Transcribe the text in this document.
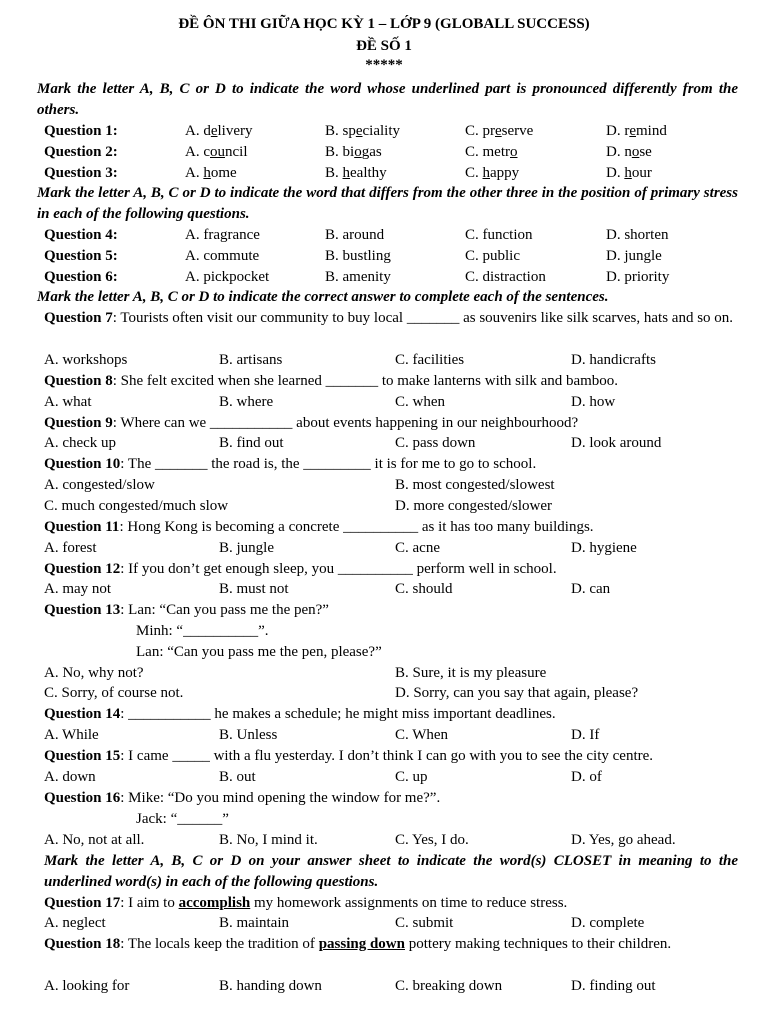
ĐỀ ÔN THI GIỮA HỌC KỲ 1 – LỚP 9 (GLOBALL SUCCESS)
ĐỀ SỐ 1
*****
Mark the letter A, B, C or D to indicate the word whose underlined part is pronounced differently from the others.
Question 1:	A. delivery	B. speciality	C. preserve	D. remind
Question 2:	A. council	B. biogas	C. metro	D. nose
Question 3:	A. home	B. healthy	C. happy	D. hour
Mark the letter A, B, C or D to indicate the word that differs from the other three in the position of primary stress in each of the following questions.
Question 4:	A. fragrance	B. around	C. function	D. shorten
Question 5:	A. commute	B. bustling	C. public	D. jungle
Question 6:	A. pickpocket	B. amenity	C. distraction	D. priority
Mark the letter A, B, C or D to indicate the correct answer to complete each of the sentences.
Question 7: Tourists often visit our community to buy local _______ as souvenirs like silk scarves, hats and so on.
A. workshops	B. artisans	C. facilities	D. handicrafts
Question 8: She felt excited when she learned _______ to make lanterns with silk and bamboo.
A. what	B. where	C. when	D. how
Question 9: Where can we ___________ about events happening in our neighbourhood?
A. check up	B. find out	C. pass down	D. look around
Question 10: The _______ the road is, the _________ it is for me to go to school.
A. congested/slow	B. most congested/slowest
C. much congested/much slow	D. more congested/slower
Question 11: Hong Kong is becoming a concrete __________ as it has too many buildings.
A. forest	B. jungle	C. acne	D. hygiene
Question 12: If you don’t get enough sleep, you __________ perform well in school.
A. may not	B. must not	C. should	D. can
Question 13: Lan: “Can you pass me the pen?”
Minh: “__________”.
Lan: “Can you pass me the pen, please?”
A. No, why not?	B. Sure, it is my pleasure
C. Sorry, of course not.	D. Sorry, can you say that again, please?
Question 14: ___________ he makes a schedule; he might miss important deadlines.
A. While	B. Unless	C. When	D. If
Question 15: I came _____ with a flu yesterday. I don’t think I can go with you to see the city centre.
A. down	B. out	C. up	D. of
Question 16: Mike: “Do you mind opening the window for me?”.
Jack: “______”
A. No, not at all.	B. No, I mind it.	C. Yes, I do.	D. Yes, go ahead.
Mark the letter A, B, C or D on your answer sheet to indicate the word(s) CLOSET in meaning to the underlined word(s) in each of the following questions.
Question 17: I aim to accomplish my homework assignments on time to reduce stress.
A. neglect	B. maintain	C. submit	D. complete
Question 18: The locals keep the tradition of passing down pottery making techniques to their children.
A. looking for	B. handing down	C. breaking down	D. finding out
